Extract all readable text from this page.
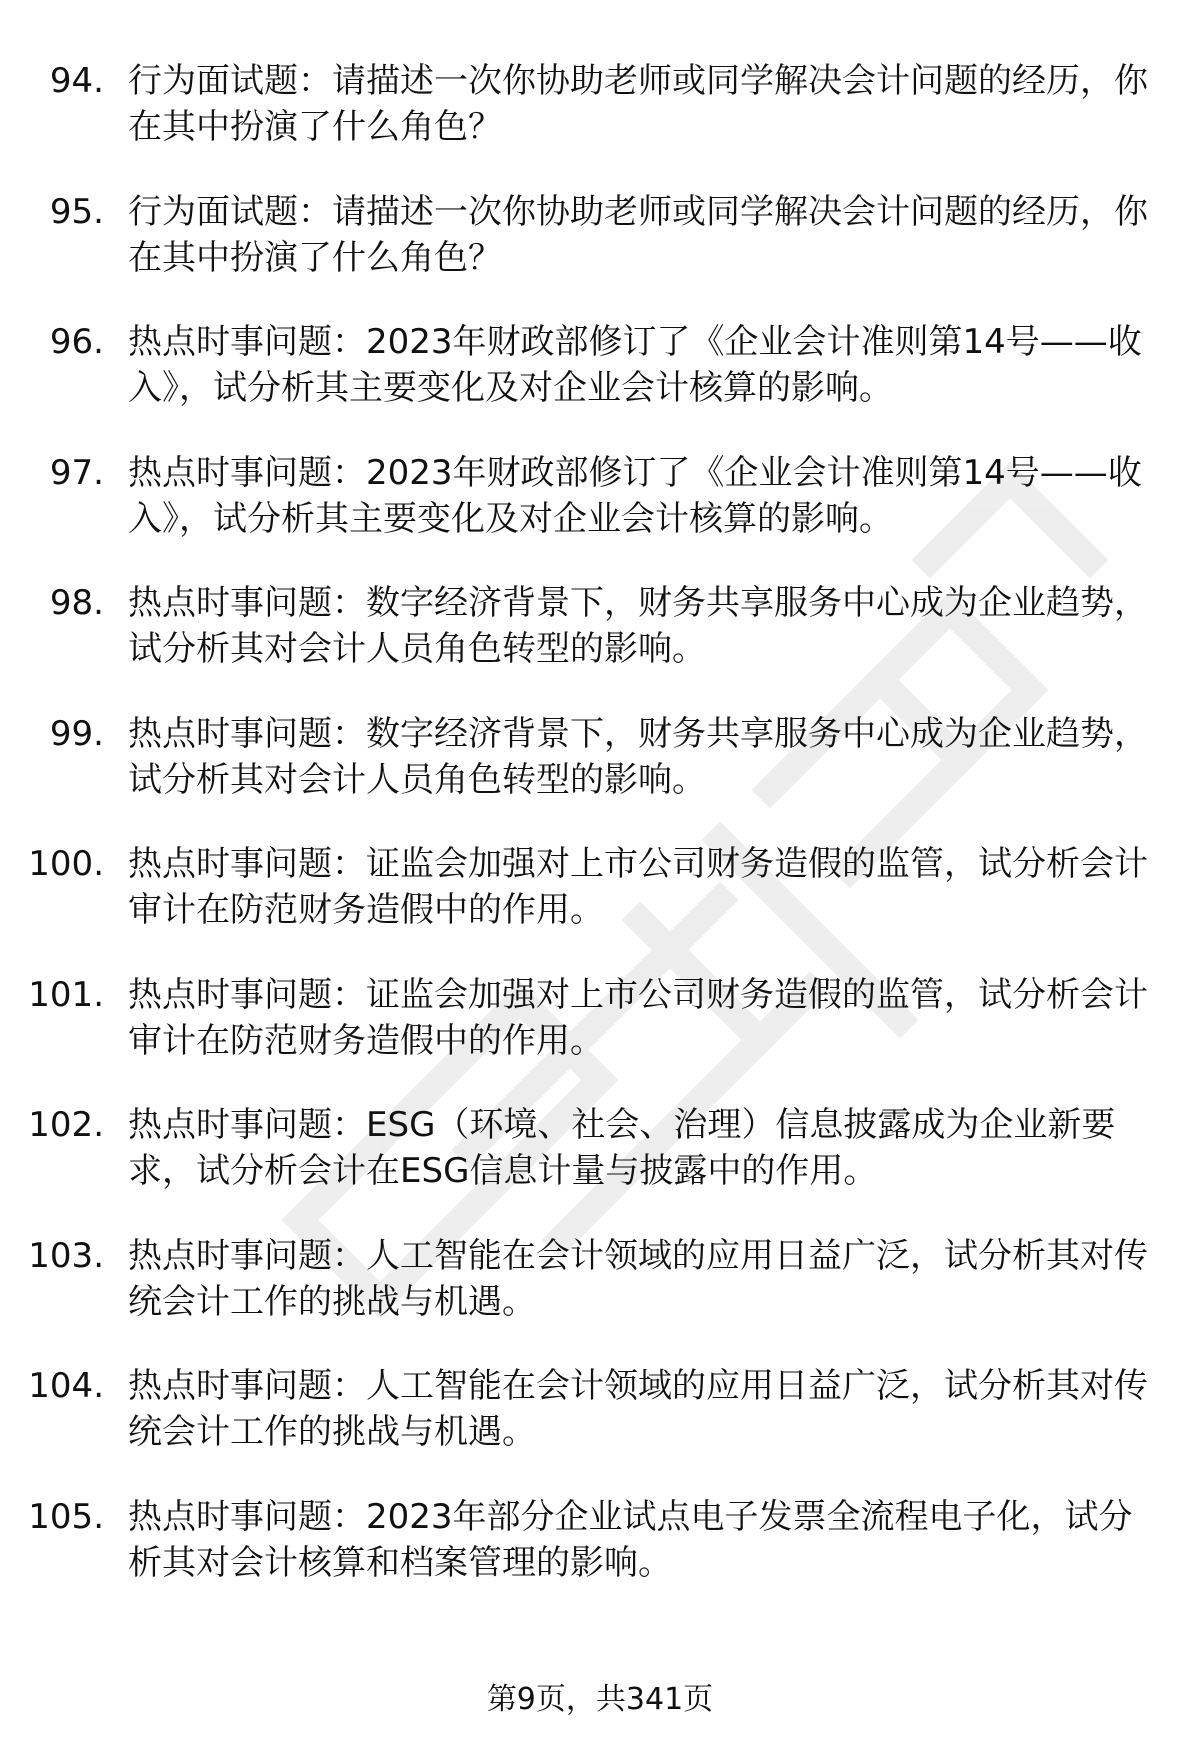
94. 行为面试题：请描述一次你协助老师或同学解决会计问题的经历，你在其中扮演了什么角色？
95. 行为面试题：请描述一次你协助老师或同学解决会计问题的经历，你在其中扮演了什么角色？
96. 热点时事问题：2023年财政部修订了《企业会计准则第14号——收入》，试分析其主要变化及对企业会计核算的影响。
97. 热点时事问题：2023年财政部修订了《企业会计准则第14号——收入》，试分析其主要变化及对企业会计核算的影响。
98. 热点时事问题：数字经济背景下，财务共享服务中心成为企业趋势，试分析其对会计人员角色转型的影响。
99. 热点时事问题：数字经济背景下，财务共享服务中心成为企业趋势，试分析其对会计人员角色转型的影响。
100. 热点时事问题：证监会加强对上市公司财务造假的监管，试分析会计审计在防范财务造假中的作用。
101. 热点时事问题：证监会加强对上市公司财务造假的监管，试分析会计审计在防范财务造假中的作用。
102. 热点时事问题：ESG（环境、社会、治理）信息披露成为企业新要求，试分析会计在ESG信息计量与披露中的作用。
103. 热点时事问题：人工智能在会计领域的应用日益广泛，试分析其对传统会计工作的挑战与机遇。
104. 热点时事问题：人工智能在会计领域的应用日益广泛，试分析其对传统会计工作的挑战与机遇。
105. 热点时事问题：2023年部分企业试点电子发票全流程电子化，试分析其对会计核算和档案管理的影响。
第9页，共341页
